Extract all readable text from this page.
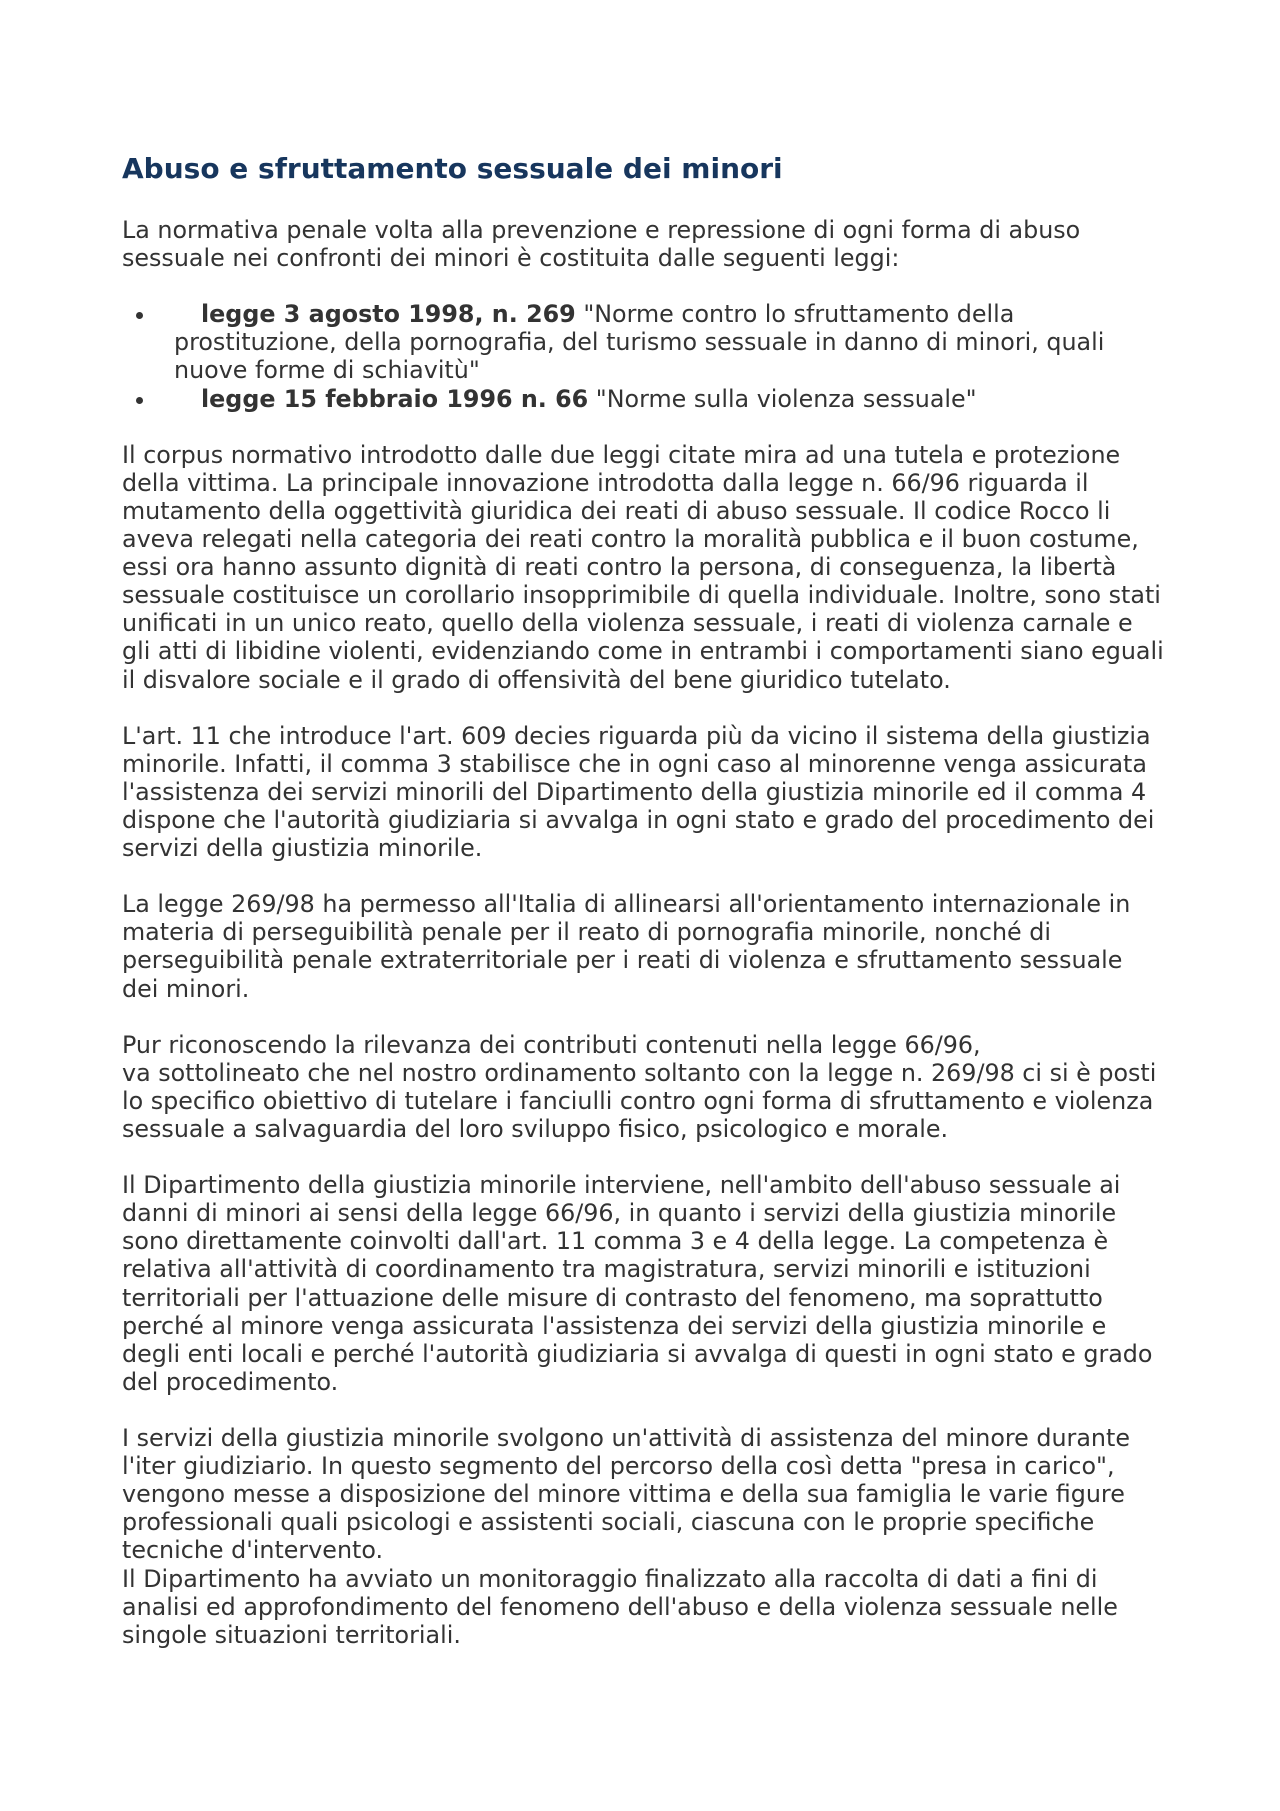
Abuso e sfruttamento sessuale dei minori

La normativa penale volta alla prevenzione e repressione di ogni forma di abuso
sessuale nei confronti dei minori è costituita dalle seguenti leggi:

legge 3 agosto 1998, n. 269 "Norme contro lo sfruttamento della
prostituzione, della pornografia, del turismo sessuale in danno di minori, quali
nuove forme di schiavitù"
legge 15 febbraio 1996 n. 66 "Norme sulla violenza sessuale"

Il corpus normativo introdotto dalle due leggi citate mira ad una tutela e protezione
della vittima. La principale innovazione introdotta dalla legge n. 66/96 riguarda il
mutamento della oggettività giuridica dei reati di abuso sessuale. Il codice Rocco li
aveva relegati nella categoria dei reati contro la moralità pubblica e il buon costume,
essi ora hanno assunto dignità di reati contro la persona, di conseguenza, la libertà
sessuale costituisce un corollario insopprimibile di quella individuale. Inoltre, sono stati
unificati in un unico reato, quello della violenza sessuale, i reati di violenza carnale e
gli atti di libidine violenti, evidenziando come in entrambi i comportamenti siano eguali
il disvalore sociale e il grado di offensività del bene giuridico tutelato.

L'art. 11 che introduce l'art. 609 decies riguarda più da vicino il sistema della giustizia
minorile. Infatti, il comma 3 stabilisce che in ogni caso al minorenne venga assicurata
l'assistenza dei servizi minorili del Dipartimento della giustizia minorile ed il comma 4
dispone che l'autorità giudiziaria si avvalga in ogni stato e grado del procedimento dei
servizi della giustizia minorile.

La legge 269/98 ha permesso all'Italia di allinearsi all'orientamento internazionale in
materia di perseguibilità penale per il reato di pornografia minorile, nonché di
perseguibilità penale extraterritoriale per i reati di violenza e sfruttamento sessuale
dei minori.

Pur riconoscendo la rilevanza dei contributi contenuti nella legge 66/96,
va sottolineato che nel nostro ordinamento soltanto con la legge n. 269/98 ci si è posti
lo specifico obiettivo di tutelare i fanciulli contro ogni forma di sfruttamento e violenza
sessuale a salvaguardia del loro sviluppo fisico, psicologico e morale.

Il Dipartimento della giustizia minorile interviene, nell'ambito dell'abuso sessuale ai
danni di minori ai sensi della legge 66/96, in quanto i servizi della giustizia minorile
sono direttamente coinvolti dall'art. 11 comma 3 e 4 della legge. La competenza è
relativa all'attività di coordinamento tra magistratura, servizi minorili e istituzioni
territoriali per l'attuazione delle misure di contrasto del fenomeno, ma soprattutto
perché al minore venga assicurata l'assistenza dei servizi della giustizia minorile e
degli enti locali e perché l'autorità giudiziaria si avvalga di questi in ogni stato e grado
del procedimento.

I servizi della giustizia minorile svolgono un'attività di assistenza del minore durante
l'iter giudiziario. In questo segmento del percorso della così detta "presa in carico",
vengono messe a disposizione del minore vittima e della sua famiglia le varie figure
professionali quali psicologi e assistenti sociali, ciascuna con le proprie specifiche
tecniche d'intervento.

Il Dipartimento ha avviato un monitoraggio finalizzato alla raccolta di dati a fini di
analisi ed approfondimento del fenomeno dell'abuso e della violenza sessuale nelle
singole situazioni territoriali.
